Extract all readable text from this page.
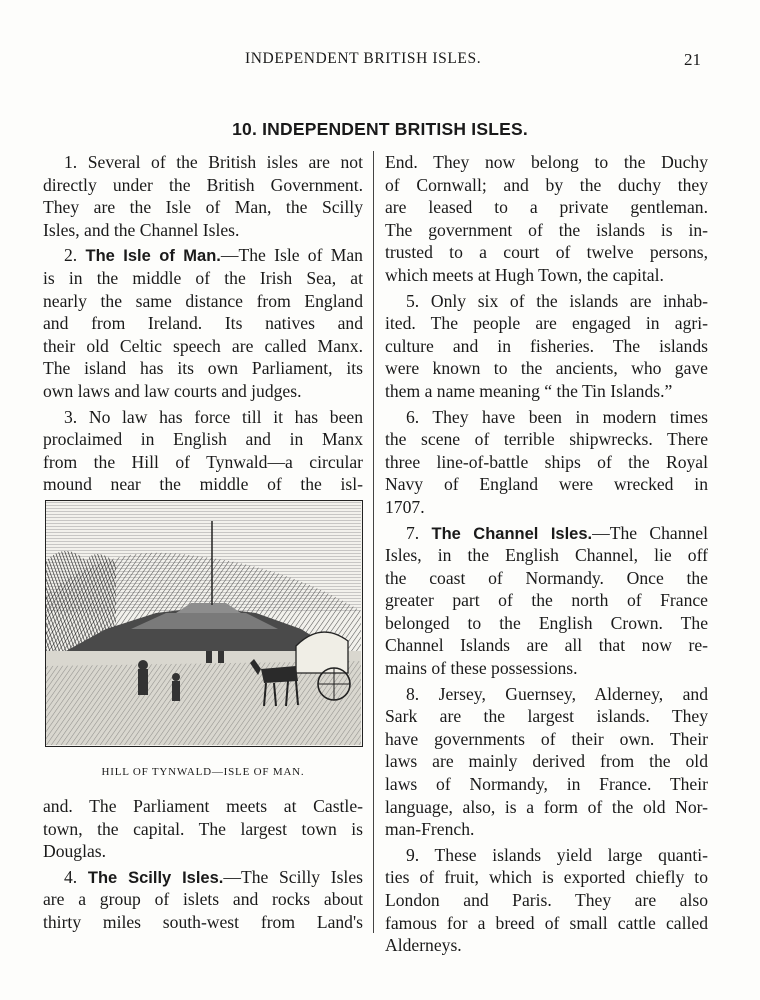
INDEPENDENT BRITISH ISLES.	21
10. INDEPENDENT BRITISH ISLES.
1. Several of the British isles are not
directly under the British Government.
They are the Isle of Man, the Scilly
Isles, and the Channel Isles.
2. The Isle of Man.—The Isle of Man
is in the middle of the Irish Sea, at
nearly the same distance from England
and from Ireland. Its natives and
their old Celtic speech are called Manx.
The island has its own Parliament, its
own laws and law courts and judges.
3. No law has force till it has been
proclaimed in English and in Manx
from the Hill of Tynwald—a circular
mound near the middle of the isl-
HILL OF TYNWALD—ISLE OF MAN.
and. The Parliament meets at Castle-
town, the capital. The largest town is
Douglas.
4. The Scilly Isles.—The Scilly Isles
are a group of islets and rocks about
thirty miles south-west from Land's
End. They now belong to the Duchy
of Cornwall; and by the duchy they
are leased to a private gentleman.
The government of the islands is in-
trusted to a court of twelve persons,
which meets at Hugh Town, the capital.
5. Only six of the islands are inhab-
ited. The people are engaged in agri-
culture and in fisheries. The islands
were known to the ancients, who gave
them a name meaning “ the Tin Islands.”
6. They have been in modern times
the scene of terrible shipwrecks. There
three line-of-battle ships of the Royal
Navy of England were wrecked in
1707.
7. The Channel Isles.—The Channel
Isles, in the English Channel, lie off
the coast of Normandy. Once the
greater part of the north of France
belonged to the English Crown. The
Channel Islands are all that now re-
mains of these possessions.
8. Jersey, Guernsey, Alderney, and
Sark are the largest islands. They
have governments of their own. Their
laws are mainly derived from the old
laws of Normandy, in France. Their
language, also, is a form of the old Nor-
man-French.
9. These islands yield large quanti-
ties of fruit, which is exported chiefly to
London and Paris. They are also
famous for a breed of small cattle called
Alderneys.
